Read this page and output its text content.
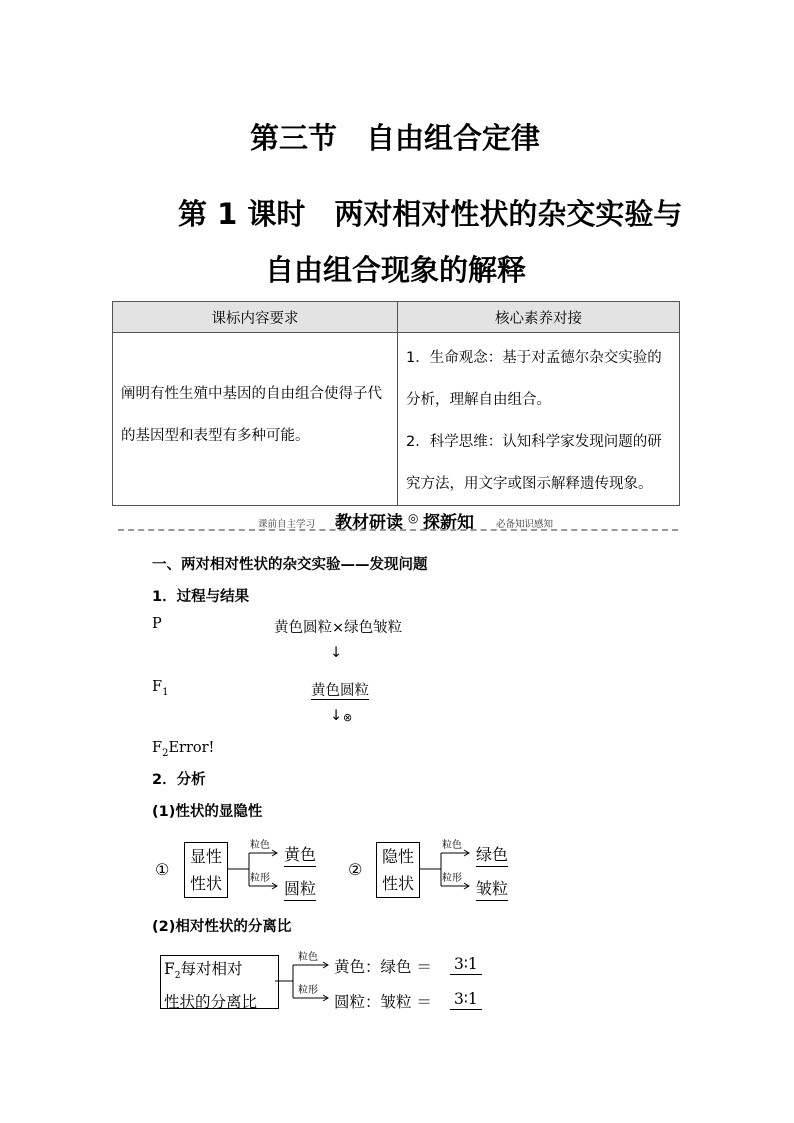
第三节　自由组合定律
第 1 课时　两对相对性状的杂交实验与
自由组合现象的解释
课标内容要求	核心素养对接

阐明有性生殖中基因的自由组合使得子代的基因型和表型有多种可能。	1．生命观念：基于对孟德尔杂交实验的分析，理解自由组合。
2．科学思维：认知科学家发现问题的研究方法，用文字或图示解释遗传现象。
课前自主学习 教材研读 ◎ 探新知 必备知识感知
一、两对相对性状的杂交实验——发现问题
1．过程与结果
P	黄色圆粒×绿色皱粒
↓
$F_1$	黄色圆粒
↓ ⊗
$F_2Error$!
2．分析
(1)性状的显隐性
①
显性
性状
粒色
粒形
黄色
圆粒
②
隐性
性状
粒色
粒形
绿色
皱粒
(2)相对性状的分离比
$F_2$每对相对
性状的分离比
粒色
粒形
黄色：绿色 ＝ 3∶1
圆粒：皱粒 ＝ 3∶1
